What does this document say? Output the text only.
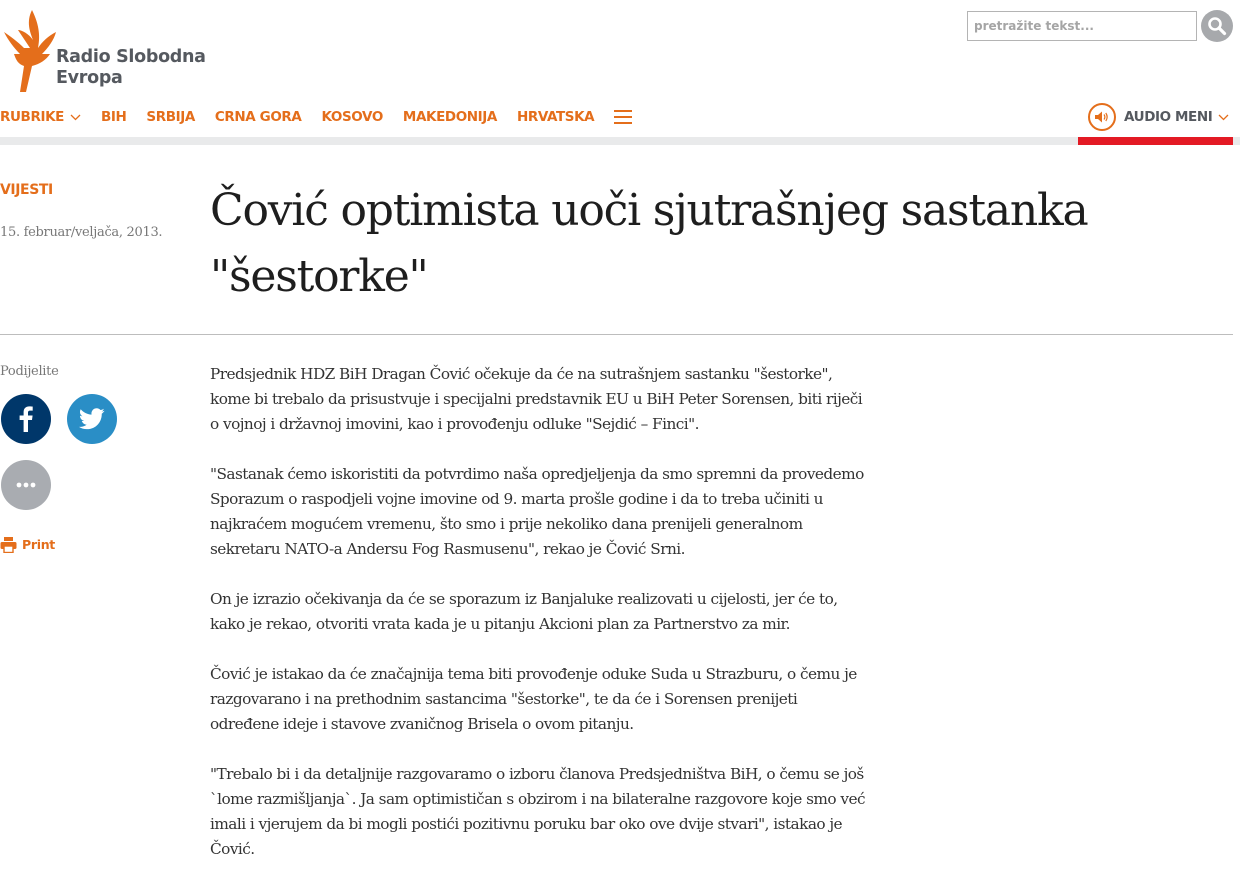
Radio Slobodna
Evropa
pretražite tekst...
RUBRIKE	BIH SRBIJA CRNA GORA KOSOVO MAKEDONIJA HRVATSKA	AUDIO MENI
VIJESTI
15. februar/veljača, 2013. Čović optimista uoči sjutrašnjeg sastanka "šestorke"
Podijelite
Print

Predsjednik HDZ BiH Dragan Čović očekuje da će na sutrašnjem sastanku "šestorke", kome bi trebalo da prisustvuje i specijalni predstavnik EU u BiH Peter Sorensen, biti riječi o vojnoj i državnoj imovini, kao i provođenju odluke "Sejdić – Finci".

"Sastanak ćemo iskoristiti da potvrdimo naša opredjeljenja da smo spremni da provedemo Sporazum o raspodjeli vojne imovine od 9. marta prošle godine i da to treba učiniti u najkraćem mogućem vremenu, što smo i prije nekoliko dana prenijeli generalnom sekretaru NATO-a Andersu Fog Rasmusenu", rekao je Čović Srni.

On je izrazio očekivanja da će se sporazum iz Banjaluke realizovati u cijelosti, jer će to, kako je rekao, otvoriti vrata kada je u pitanju Akcioni plan za Partnerstvo za mir.

Čović je istakao da će značajnija tema biti provođenje oduke Suda u Strazburu, o čemu je razgovarano i na prethodnim sastancima "šestorke", te da će i Sorensen prenijeti određene ideje i stavove zvaničnog Brisela o ovom pitanju.

"Trebalo bi i da detaljnije razgovaramo o izboru članova Predsjedništva BiH, o čemu se još `lome razmišljanja`. Ja sam optimističan s obzirom i na bilateralne razgovore koje smo već imali i vjerujem da bi mogli postići pozitivnu poruku bar oko ove dvije stvari", istakao je Čović.
